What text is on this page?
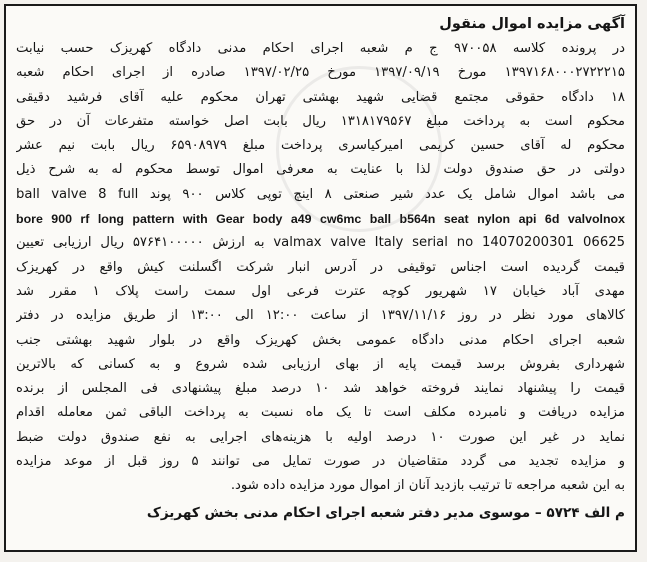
آگهی مزایده اموال منقول

در پرونده کلاسه ۹۷۰۰۵۸ ج م شعبه اجرای احکام مدنی دادگاه کهریزک حسب نیابت

۱۳۹۷۱۶۸۰۰۰۲۷۲۲۲۱۵ مورخ ۱۳۹۷/۰۹/۱۹ مورخ ۱۳۹۷/۰۲/۲۵ صادره از اجرای احکام شعبه

۱۸ دادگاه حقوقی مجتمع قضایی شهید بهشتی تهران محکوم علیه آقای فرشید دقیقی

محکوم است به پرداخت مبلغ ۱۳۱۸۱۷۹۵۶۷ ریال بابت اصل خواسته متفرعات آن در حق

محکوم له آقای حسین کریمی امیرکیاسری پرداخت مبلغ ۶۵۹۰۸۹۷۹ ریال بابت نیم عشر

دولتی در حق صندوق دولت لذا با عنایت به معرفی اموال توسط محکوم له به شرح ذیل

می باشد اموال شامل یک عدد شیر صنعتی ۸ اینچ توپی کلاس ۹۰۰ پوند ball valve 8 full

bore 900 rf long pattern with Gear body a49 cw6mc ball b564n seat nylon api 6d valvolnox

valmax valve Italy serial no 14070200301 06625 به ارزش ۵۷۶۴۱۰۰۰۰۰ ریال ارزیابی تعیین

قیمت گردیده است اجناس توقیفی در آدرس انبار شرکت اگسلنت کیش واقع در کهریزک

مهدی آباد خیابان ۱۷ شهریور کوچه عترت فرعی اول سمت راست پلاک ۱ مقرر شد

کالاهای مورد نظر در روز ۱۳۹۷/۱۱/۱۶ از ساعت ۱۲:۰۰ الی ۱۳:۰۰ از طریق مزایده در دفتر

شعبه اجرای احکام مدنی دادگاه عمومی بخش کهریزک واقع در بلوار شهید بهشتی جنب

شهرداری بفروش برسد قیمت پایه از بهای ارزیابی شده شروع و به کسانی که بالاترین

قیمت را پیشنهاد نمایند فروخته خواهد شد ۱۰ درصد مبلغ پیشنهادی فی المجلس از برنده

مزایده دریافت و نامبرده مکلف است تا یک ماه نسبت به پرداخت الباقی ثمن معامله اقدام

نماید در غیر این صورت ۱۰ درصد اولیه با هزینه‌های اجرایی به نفع صندوق دولت ضبط

و مزایده تجدید می گردد متقاضیان در صورت تمایل می توانند ۵ روز قبل از موعد مزایده

به این شعبه مراجعه تا ترتیب بازدید آنان از اموال مورد مزایده داده شود.

م الف ۵۷۲۴ – موسوی مدیر دفتر شعبه اجرای احکام مدنی بخش کهریزک
